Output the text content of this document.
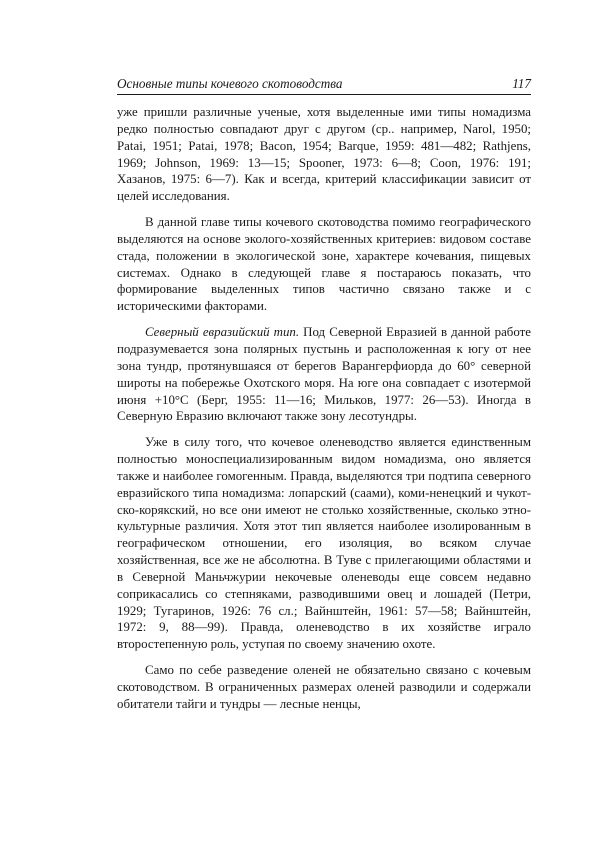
Основные типы кочевого скотоводства	117

уже пришли различные ученые, хотя выделенные ими типы номадизма редко полностью совпадают друг с другом (ср.. например, Narol, 1950; Patai, 1951; Patai, 1978; Bacon, 1954; Barque, 1959: 481—482; Rathjens, 1969; Johnson, 1969: 13—15; Spooner, 1973: 6—8; Coon, 1976: 191; Хазанов, 1975: 6—7). Как и всегда, критерий классификации зависит от целей исследования.

В данной главе типы кочевого скотоводства помимо географического выделяются на основе эколого-хозяйственных критериев: видовом составе стада, положении в экологической зоне, характере кочевания, пищевых системах. Однако в следующей главе я постараюсь показать, что формирование выделенных типов частично связано также и с историческими факторами.

Северный евразийский тип. Под Северной Евразией в данной работе подразумевается зона полярных пустынь и расположенная к югу от нее зона тундр, протянувшаяся от берегов Варангерфиорда до 60° северной широты на побережье Охотского моря. На юге она совпадает с изотермой июня +10°С (Берг, 1955: 11—16; Мильков, 1977: 26—53). Иногда в Северную Евразию включают также зону лесотундры.

Уже в силу того, что кочевое оленеводство является единственным полностью моноспециализированным видом номадизма, оно является также и наиболее гомогенным. Правда, выделяются три подтипа северного евразийского типа номадизма: лопарский (саами), коми-ненецкий и чукотско-корякский, но все они имеют не столько хозяйственные, сколько этнокультурные различия. Хотя этот тип является наиболее изолированным в географическом отношении, его изоляция, во всяком случае хозяйственная, все же не абсолютна. В Туве с прилегающими областями и в Северной Маньчжурии некочевые оленеводы еще совсем недавно соприкасались со степняками, разводившими овец и лошадей (Петри, 1929; Тугаринов, 1926: 76 сл.; Вайнштейн, 1961: 57—58; Вайнштейн, 1972: 9, 88—99). Правда, оленеводство в их хозяйстве играло второстепенную роль, уступая по своему значению охоте.

Само по себе разведение оленей не обязательно связано с кочевым скотоводством. В ограниченных размерах оленей разводили и содержали обитатели тайги и тундры — лесные ненцы,
